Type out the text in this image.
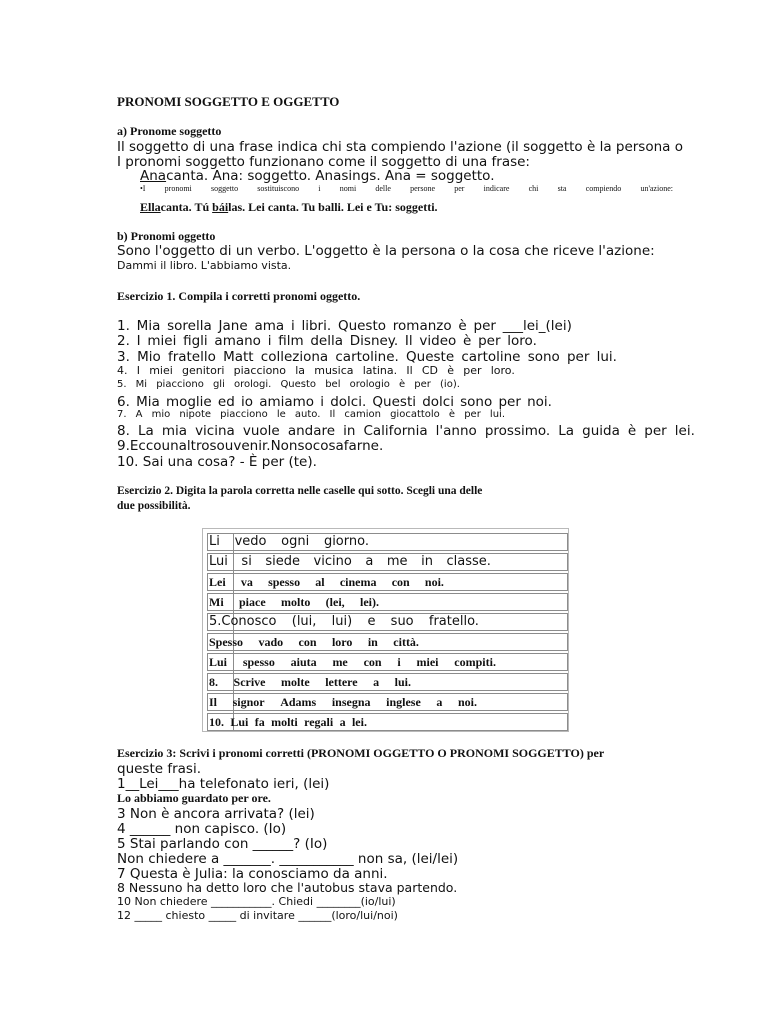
PRONOMI SOGGETTO E OGGETTO
a) Pronome soggetto
Il soggetto di una frase indica chi sta compiendo l'azione (il soggetto è la persona o
I pronomi soggetto funzionano come il soggetto di una frase:
Anacanta. Ana: soggetto. Anasings. Ana = soggetto.
•I pronomi soggetto sostituiscono i nomi delle persone per indicare chi sta compiendo un'azione:
Ellacanta. Tú báilas. Lei canta. Tu balli. Lei e Tu: soggetti.
b) Pronomi oggetto
Sono l'oggetto di un verbo. L'oggetto è la persona o la cosa che riceve l'azione:
Dammi il libro. L'abbiamo vista.
Esercizio 1. Compila i corretti pronomi oggetto.
1. Mia sorella Jane ama i libri. Questo romanzo è per ___lei_(lei)
2. I miei figli amano i film della Disney. Il video è per loro.
3. Mio fratello Matt colleziona cartoline. Queste cartoline sono per lui.
4. I miei genitori piacciono la musica latina. Il CD è per loro.
5. Mi piacciono gli orologi. Questo bel orologio è per (io).
6. Mia moglie ed io amiamo i dolci. Questi dolci sono per noi.
7. A mio nipote piacciono le auto. Il camion giocattolo è per lui.
8. La mia vicina vuole andare in California l'anno prossimo. La guida è per lei.
9. Ecco un altro souvenir. Non so cosa farne.
10. Sai una cosa? - È per (te).
Esercizio 2. Digita la parola corretta nelle caselle qui sotto. Scegli una delle
due possibilità.
Li vedo ogni giorno.
Lui si siede vicino a me in classe.
Lei va spesso al cinema con noi.
Mi piace molto (lei, lei).
5.Conosco (lui, lui) e suo fratello.
Spesso vado con loro in città.
Lui spesso aiuta me con i miei compiti.
8. Scrive molte lettere a lui.
Il signor Adams insegna inglese a noi.
10. Lui fa molti regali a lei.
Esercizio 3: Scrivi i pronomi corretti (PRONOMI OGGETTO O PRONOMI SOGGETTO) per
queste frasi.
1__Lei___ha telefonato ieri, (lei)
Lo abbiamo guardato per ore.
3 Non è ancora arrivata? (lei)
4 ______ non capisco. (Io)
5 Stai parlando con ______? (Io)
Non chiedere a _______. ___________ non sa, (lei/lei)
7 Questa è Julia: la conosciamo da anni.
8 Nessuno ha detto loro che l'autobus stava partendo.
10 Non chiedere ___________. Chiedi ________(io/lui)
12 _____ chiesto _____ di invitare ______(loro/lui/noi)
